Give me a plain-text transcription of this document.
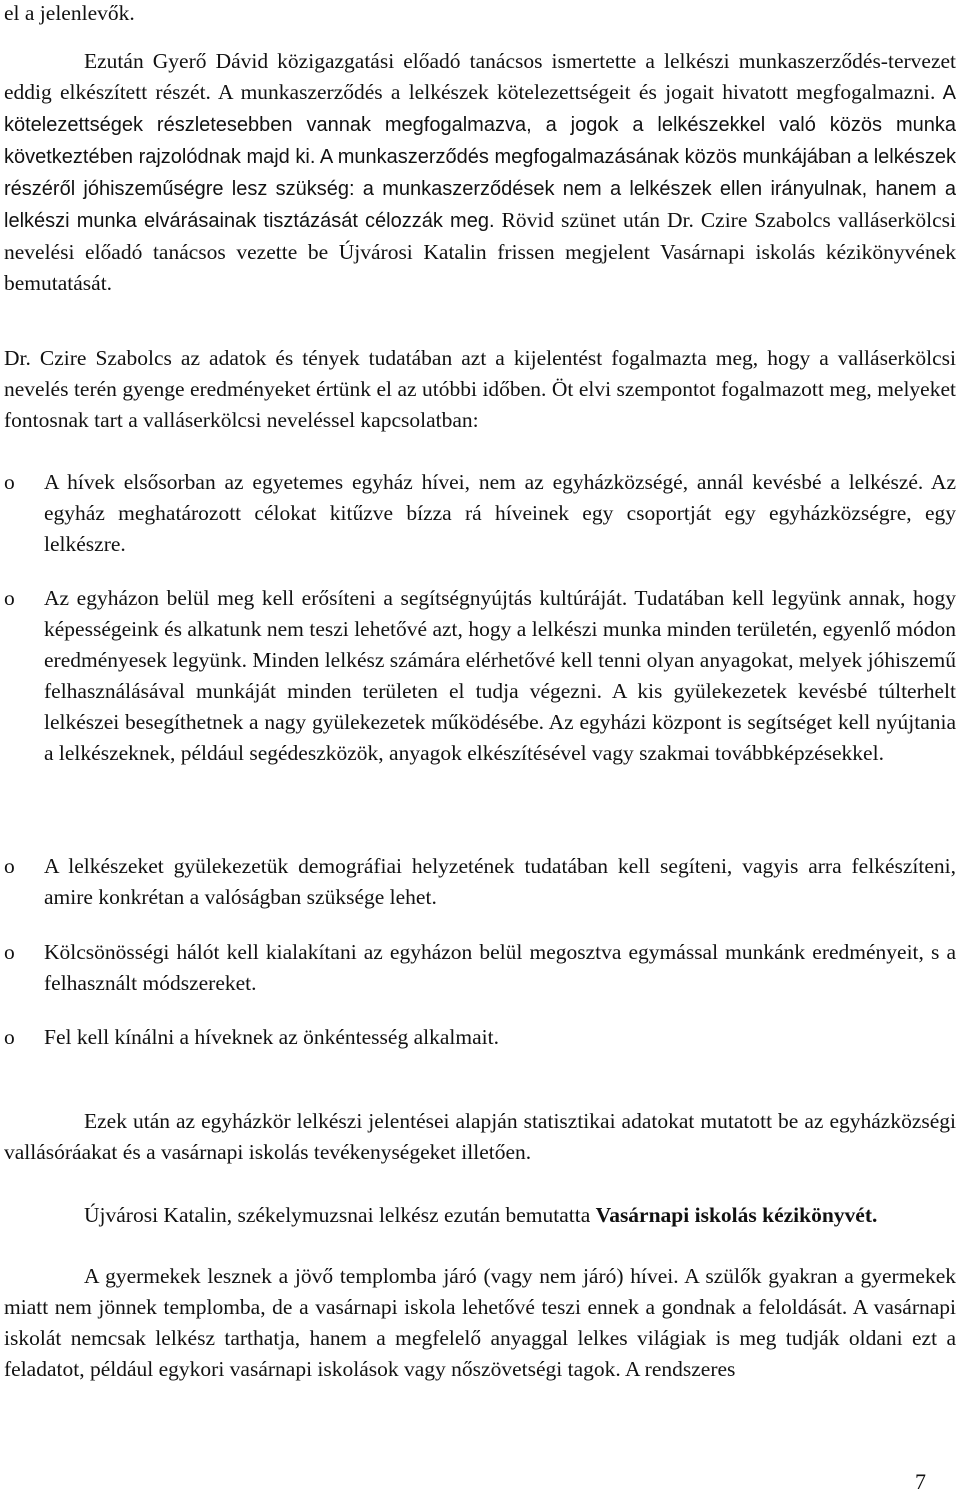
el a jelenlevők.

Ezután Gyerő Dávid közigazgatási előadó tanácsos ismertette a lelkészi munkaszerződés-tervezet eddig elkészített részét. A munkaszerződés a lelkészek kötelezettségeit és jogait hivatott megfogalmazni. A kötelezettségek részletesebben vannak megfogalmazva, a jogok a lelkészekkel való közös munka következtében rajzolódnak majd ki. A munkaszerződés megfogalmazásának közös munkájában a lelkészek részéről jóhiszeműségre lesz szükség: a munkaszerződések nem a lelkészek ellen irányulnak, hanem a lelkészi munka elvárásainak tisztázását célozzák meg. Rövid szünet után Dr. Czire Szabolcs valláserkölcsi nevelési előadó tanácsos vezette be Újvárosi Katalin frissen megjelent Vasárnapi iskolás kézikönyvének bemutatását.

Dr. Czire Szabolcs az adatok és tények tudatában azt a kijelentést fogalmazta meg, hogy a valláserkölcsi nevelés terén gyenge eredményeket értünk el az utóbbi időben. Öt elvi szempontot fogalmazott meg, melyeket fontosnak tart a valláserkölcsi neveléssel kapcsolatban:

o A hívek elsősorban az egyetemes egyház hívei, nem az egyházközségé, annál kevésbé a lelkészé. Az egyház meghatározott célokat kitűzve bízza rá híveinek egy csoportját egy egyházközségre, egy lelkészre.
o Az egyházon belül meg kell erősíteni a segítségnyújtás kultúráját. Tudatában kell legyünk annak, hogy képességeink és alkatunk nem teszi lehetővé azt, hogy a lelkészi munka minden területén, egyenlő módon eredményesek legyünk. Minden lelkész számára elérhetővé kell tenni olyan anyagokat, melyek jóhiszemű felhasználásával munkáját minden területen el tudja végezni. A kis gyülekezetek kevésbé túlterhelt lelkészei besegíthetnek a nagy gyülekezetek működésébe. Az egyházi központ is segítséget kell nyújtania a lelkészeknek, például segédeszközök, anyagok elkészítésével vagy szakmai továbbképzésekkel.
o A lelkészeket gyülekezetük demográfiai helyzetének tudatában kell segíteni, vagyis arra felkészíteni, amire konkrétan a valóságban szüksége lehet.
o Kölcsönösségi hálót kell kialakítani az egyházon belül megosztva egymással munkánk eredményeit, s a felhasznált módszereket.
o Fel kell kínálni a híveknek az önkéntesség alkalmait.

Ezek után az egyházkör lelkészi jelentései alapján statisztikai adatokat mutatott be az egyházközségi vallásóráakat és a vasárnapi iskolás tevékenységeket illetően.

Újvárosi Katalin, székelymuzsnai lelkész ezután bemutatta Vasárnapi iskolás kézikönyvét.

A gyermekek lesznek a jövő templomba járó (vagy nem járó) hívei. A szülők gyakran a gyermekek miatt nem jönnek templomba, de a vasárnapi iskola lehetővé teszi ennek a gondnak a feloldását. A vasárnapi iskolát nemcsak lelkész tarthatja, hanem a megfelelő anyaggal lelkes világiak is meg tudják oldani ezt a feladatot, például egykori vasárnapi iskolások vagy nőszövetségi tagok. A rendszeres

7
